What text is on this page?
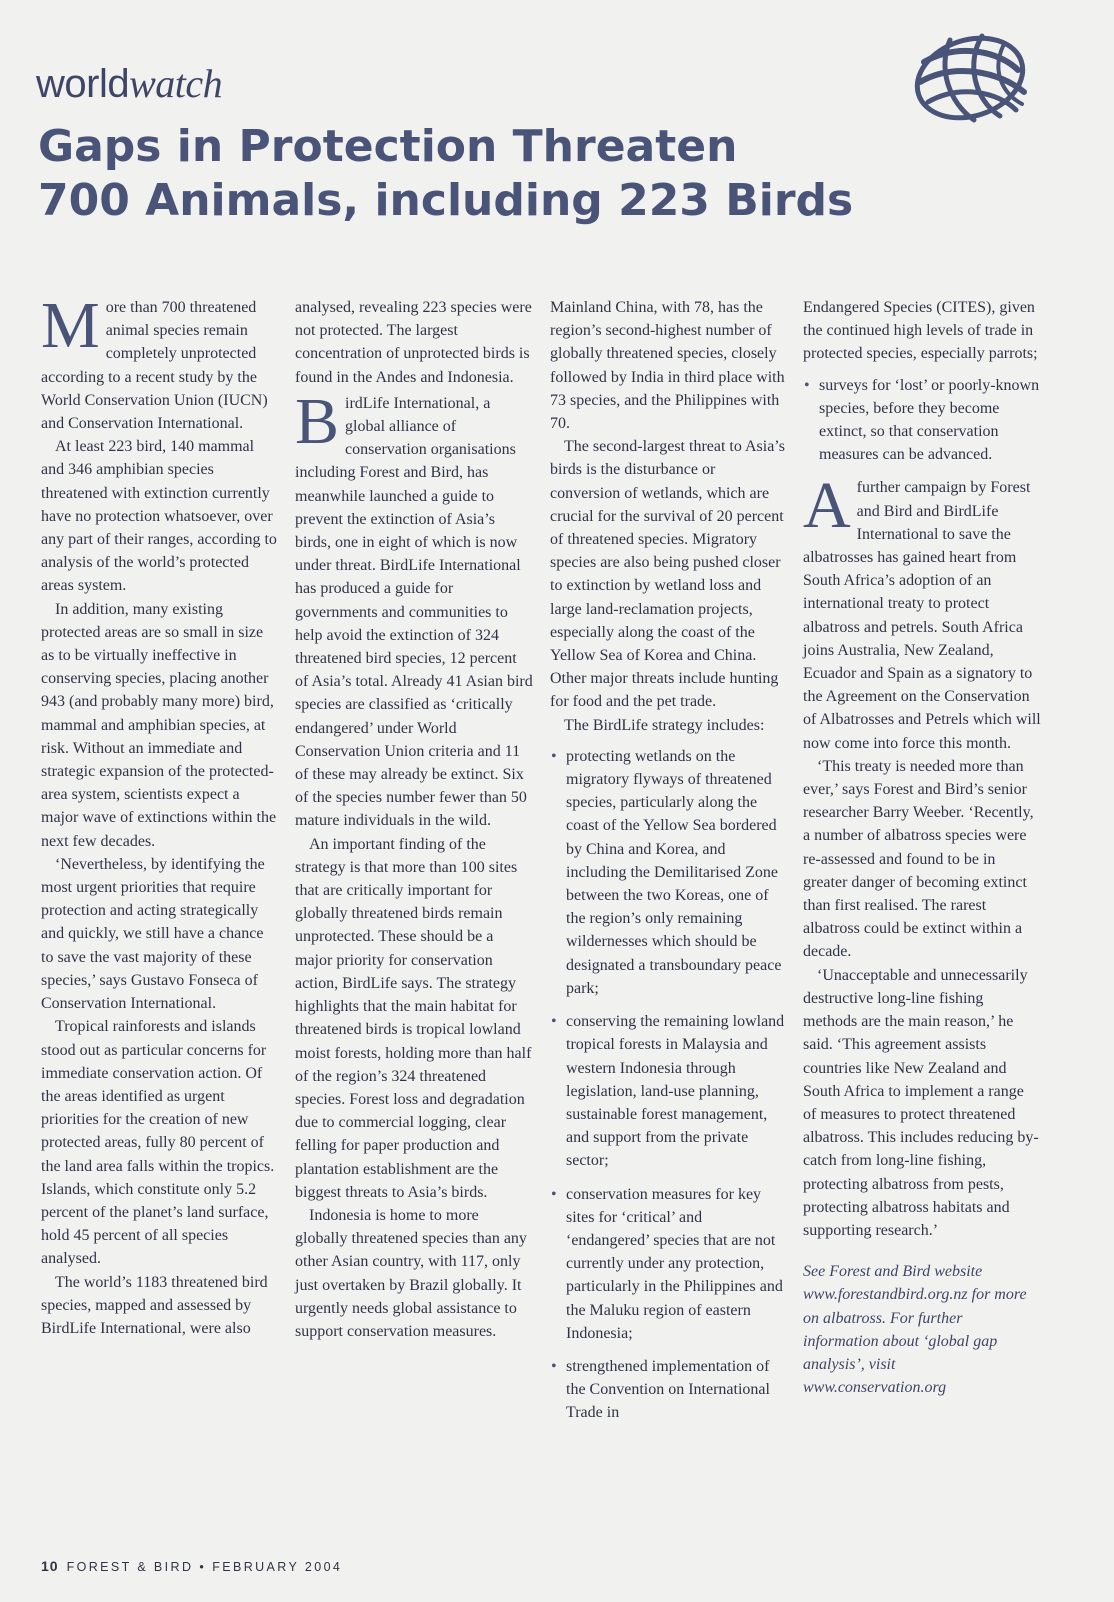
worldwatch
Gaps in Protection Threaten
700 Animals, including 223 Birds

More than 700 threatened animal species remain completely unprotected according to a recent study by the World Conservation Union (IUCN) and Conservation International.

At least 223 bird, 140 mammal and 346 amphibian species threatened with extinction currently have no protection whatsoever, over any part of their ranges, according to analysis of the world’s protected areas system.

In addition, many existing protected areas are so small in size as to be virtually ineffective in conserving species, placing another 943 (and probably many more) bird, mammal and amphibian species, at risk. Without an immediate and strategic expansion of the protected-area system, scientists expect a major wave of extinctions within the next few decades.

‘Nevertheless, by identifying the most urgent priorities that require protection and acting strategically and quickly, we still have a chance to save the vast majority of these species,’ says Gustavo Fonseca of Conservation International.

Tropical rainforests and islands stood out as particular concerns for immediate conservation action. Of the areas identified as urgent priorities for the creation of new protected areas, fully 80 percent of the land area falls within the tropics. Islands, which constitute only 5.2 percent of the planet’s land surface, hold 45 percent of all species analysed.

The world’s 1183 threatened bird species, mapped and assessed by BirdLife International, were also

analysed, revealing 223 species were not protected. The largest concentration of unprotected birds is found in the Andes and Indonesia.

BirdLife International, a global alliance of conservation organisations including Forest and Bird, has meanwhile launched a guide to prevent the extinction of Asia’s birds, one in eight of which is now under threat. BirdLife International has produced a guide for governments and communities to help avoid the extinction of 324 threatened bird species, 12 percent of Asia’s total. Already 41 Asian bird species are classified as ‘critically endangered’ under World Conservation Union criteria and 11 of these may already be extinct. Six of the species number fewer than 50 mature individuals in the wild.

An important finding of the strategy is that more than 100 sites that are critically important for globally threatened birds remain unprotected. These should be a major priority for conservation action, BirdLife says. The strategy highlights that the main habitat for threatened birds is tropical lowland moist forests, holding more than half of the region’s 324 threatened species. Forest loss and degradation due to commercial logging, clear felling for paper production and plantation establishment are the biggest threats to Asia’s birds.

Indonesia is home to more globally threatened species than any other Asian country, with 117, only just overtaken by Brazil globally. It urgently needs global assistance to support conservation measures.

Mainland China, with 78, has the region’s second-highest number of globally threatened species, closely followed by India in third place with 73 species, and the Philippines with 70.

The second-largest threat to Asia’s birds is the disturbance or conversion of wetlands, which are crucial for the survival of 20 percent of threatened species. Migratory species are also being pushed closer to extinction by wetland loss and large land-reclamation projects, especially along the coast of the Yellow Sea of Korea and China. Other major threats include hunting for food and the pet trade.

The BirdLife strategy includes:

• protecting wetlands on the migratory flyways of threatened species, particularly along the coast of the Yellow Sea bordered by China and Korea, and including the Demilitarised Zone between the two Koreas, one of the region’s only remaining wildernesses which should be designated a transboundary peace park;
• conserving the remaining lowland tropical forests in Malaysia and western Indonesia through legislation, land-use planning, sustainable forest management, and support from the private sector;
• conservation measures for key sites for ‘critical’ and ‘endangered’ species that are not currently under any protection, particularly in the Philippines and the Maluku region of eastern Indonesia;
• strengthened implementation of the Convention on International Trade in

Endangered Species (CITES), given the continued high levels of trade in protected species, especially parrots;

• surveys for ‘lost’ or poorly-known species, before they become extinct, so that conservation measures can be advanced.

Afurther campaign by Forest and Bird and BirdLife International to save the albatrosses has gained heart from South Africa’s adoption of an international treaty to protect albatross and petrels. South Africa joins Australia, New Zealand, Ecuador and Spain as a signatory to the Agreement on the Conservation of Albatrosses and Petrels which will now come into force this month.

‘This treaty is needed more than ever,’ says Forest and Bird’s senior researcher Barry Weeber. ‘Recently, a number of albatross species were re-assessed and found to be in greater danger of becoming extinct than first realised. The rarest albatross could be extinct within a decade.

‘Unacceptable and unnecessarily destructive long-line fishing methods are the main reason,’ he said. ‘This agreement assists countries like New Zealand and South Africa to implement a range of measures to protect threatened albatross. This includes reducing by-catch from long-line fishing, protecting albatross from pests, protecting albatross habitats and supporting research.’

See Forest and Bird website www.forestandbird.org.nz for more on albatross. For further information about ‘global gap analysis’, visit www.conservation.org

10 FOREST & BIRD • FEBRUARY 2004
